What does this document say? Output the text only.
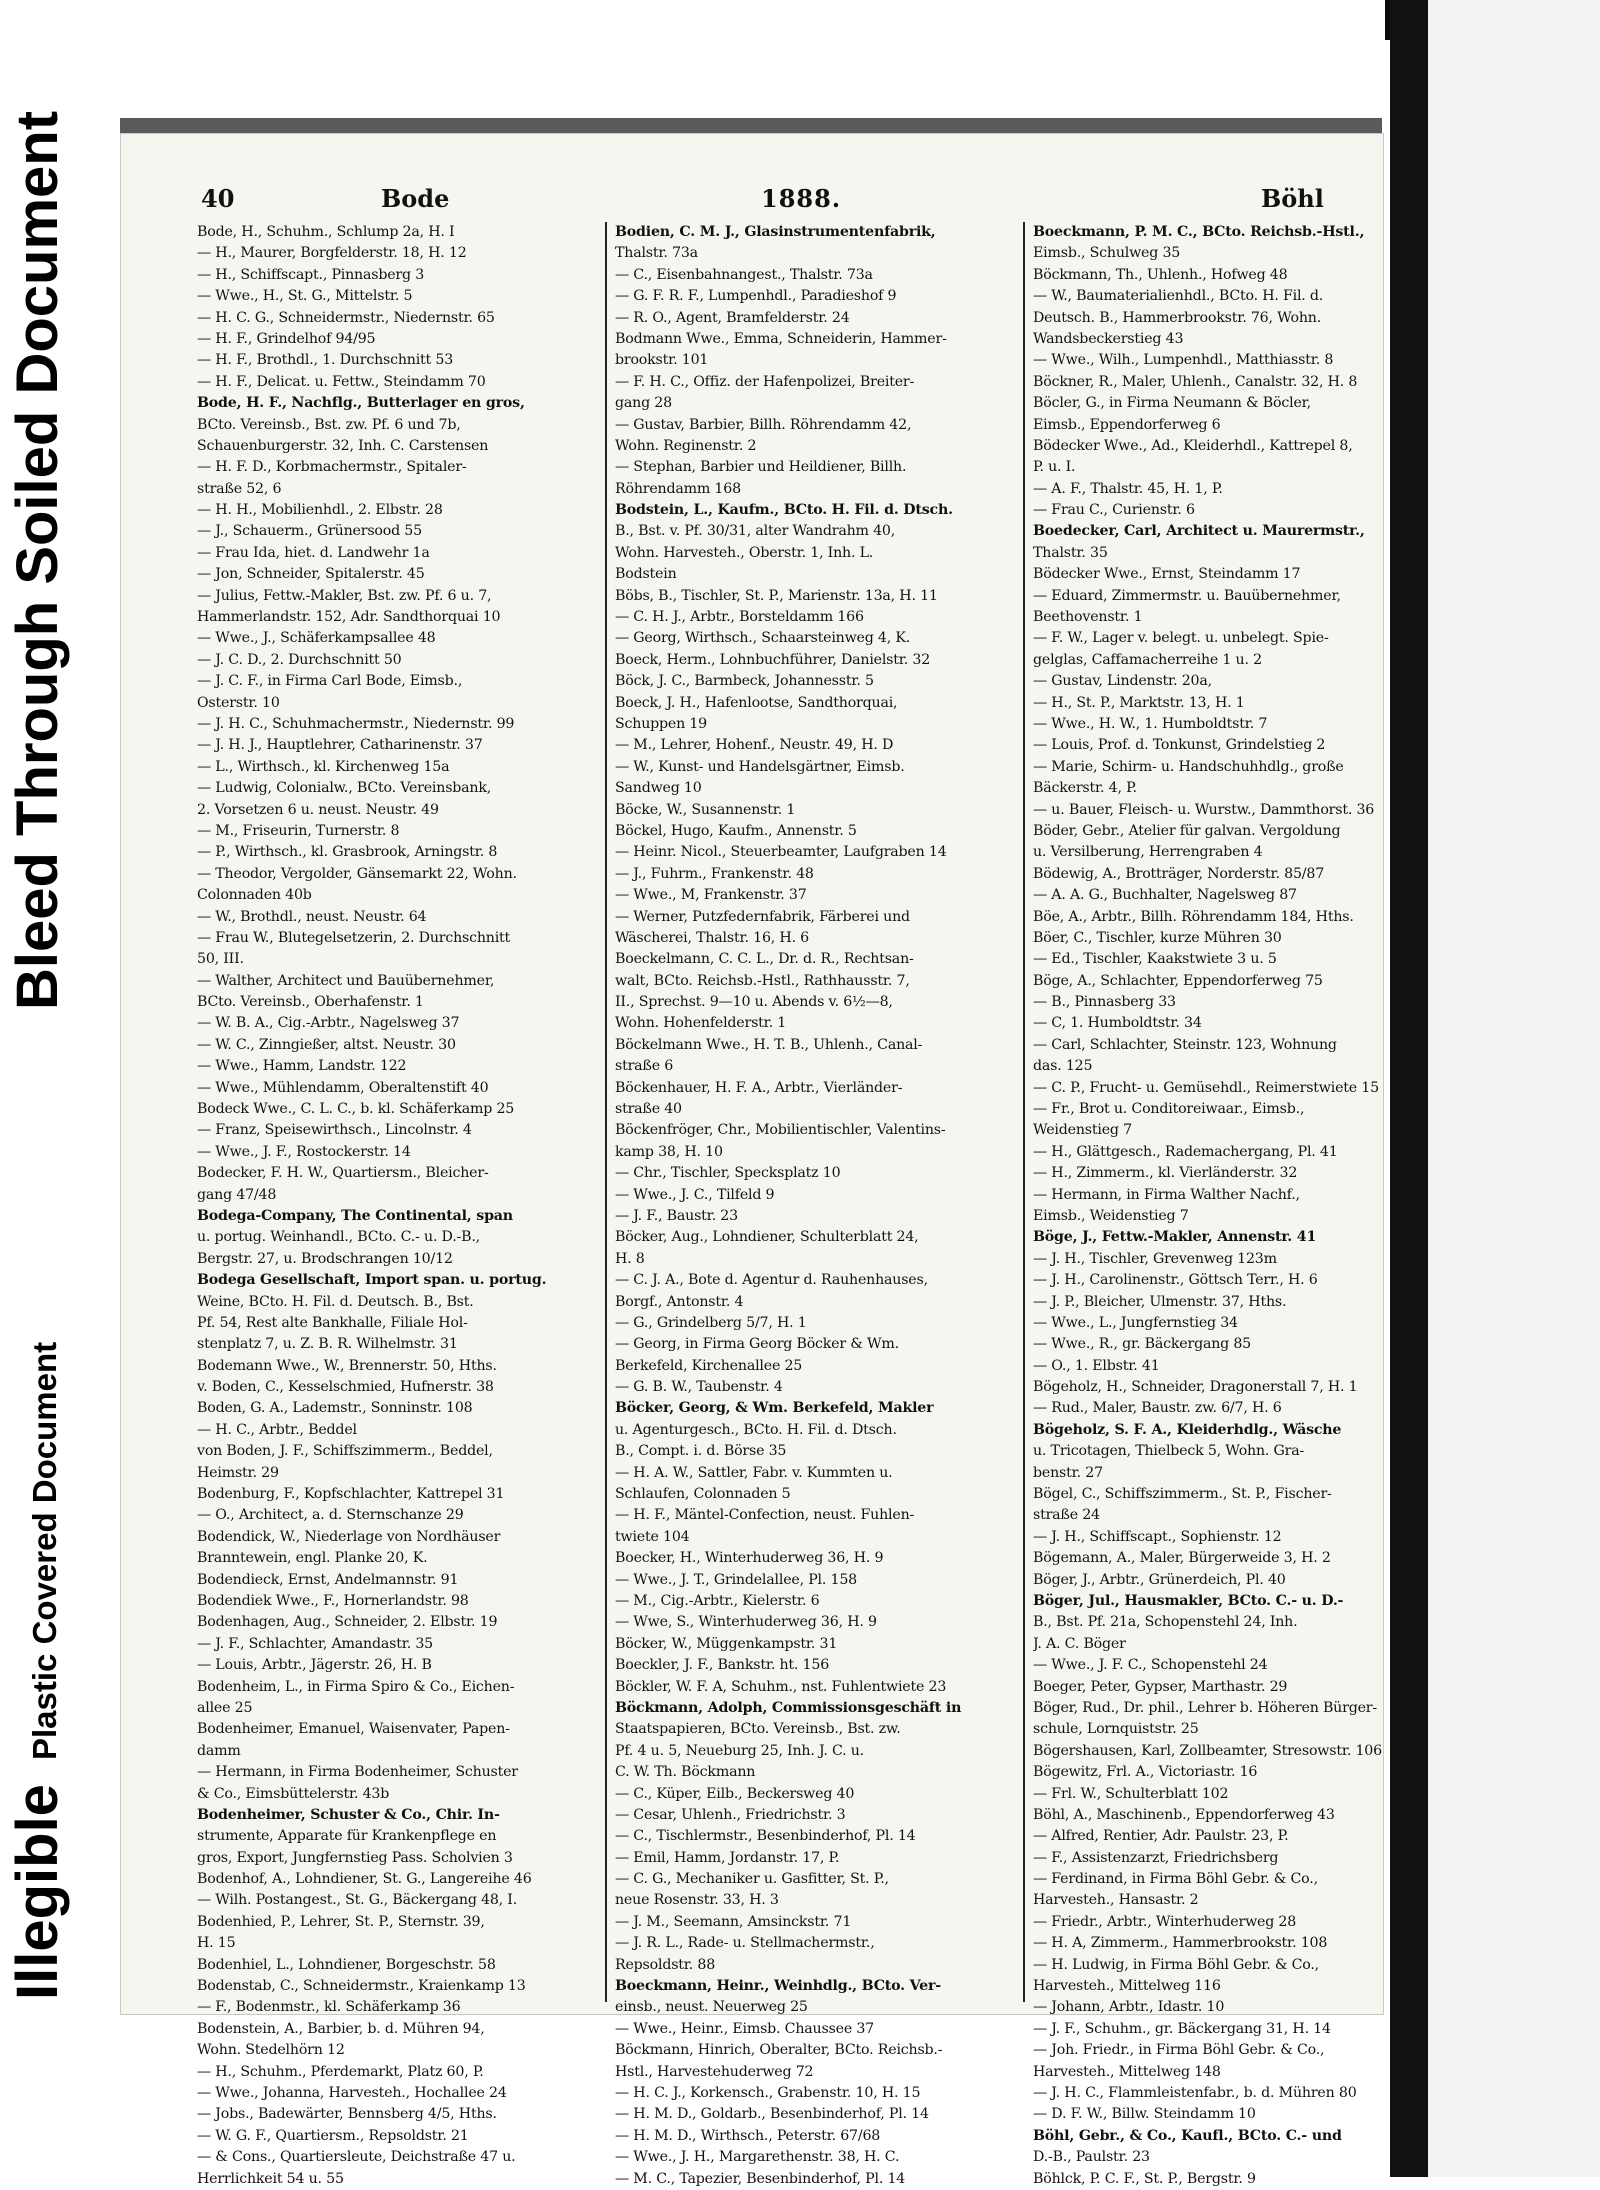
Bleed Through Soiled Document
Plastic Covered Document
Illegible
40	Bode	1888.	Böhl
Bode, H., Schuhm., Schlump 2a, H. I
— H., Maurer, Borgfelderstr. 18, H. 12
— H., Schiffscapt., Pinnasberg 3
— Wwe., H., St. G., Mittelstr. 5
— H. C. G., Schneidermstr., Niedernstr. 65
— H. F., Grindelhof 94/95
— H. F., Brothdl., 1. Durchschnitt 53
— H. F., Delicat. u. Fettw., Steindamm 70
Bode, H. F., Nachflg., Butterlager en gros,
BCto. Vereinsb., Bst. zw. Pf. 6 und 7b,
Schauenburgerstr. 32, Inh. C. Carstensen
— H. F. D., Korbmachermstr., Spitaler-
straße 52, 6
— H. H., Mobilienhdl., 2. Elbstr. 28
— J., Schauerm., Grünersood 55
— Frau Ida, hiet. d. Landwehr 1a
— Jon, Schneider, Spitalerstr. 45
— Julius, Fettw.-Makler, Bst. zw. Pf. 6 u. 7,
Hammerlandstr. 152, Adr. Sandthorquai 10
— Wwe., J., Schäferkampsallee 48
— J. C. D., 2. Durchschnitt 50
— J. C. F., in Firma Carl Bode, Eimsb.,
Osterstr. 10
— J. H. C., Schuhmachermstr., Niedernstr. 99
— J. H. J., Hauptlehrer, Catharinenstr. 37
— L., Wirthsch., kl. Kirchenweg 15a
— Ludwig, Colonialw., BCto. Vereinsbank,
2. Vorsetzen 6 u. neust. Neustr. 49
— M., Friseurin, Turnerstr. 8
— P., Wirthsch., kl. Grasbrook, Arningstr. 8
— Theodor, Vergolder, Gänsemarkt 22, Wohn.
Colonnaden 40b
— W., Brothdl., neust. Neustr. 64
— Frau W., Blutegelsetzerin, 2. Durchschnitt
50, III.
— Walther, Architect und Bauübernehmer,
BCto. Vereinsb., Oberhafenstr. 1
— W. B. A., Cig.-Arbtr., Nagelsweg 37
— W. C., Zinngießer, altst. Neustr. 30
— Wwe., Hamm, Landstr. 122
— Wwe., Mühlendamm, Oberaltenstift 40
Bodeck Wwe., C. L. C., b. kl. Schäferkamp 25
— Franz, Speisewirthsch., Lincolnstr. 4
— Wwe., J. F., Rostockerstr. 14
Bodecker, F. H. W., Quartiersm., Bleicher-
gang 47/48
Bodega-Company, The Continental, span
u. portug. Weinhandl., BCto. C.- u. D.-B.,
Bergstr. 27, u. Brodschrangen 10/12
Bodega Gesellschaft, Import span. u. portug.
Weine, BCto. H. Fil. d. Deutsch. B., Bst.
Pf. 54, Rest alte Bankhalle, Filiale Hol-
stenplatz 7, u. Z. B. R. Wilhelmstr. 31
Bodemann Wwe., W., Brennerstr. 50, Hths.
v. Boden, C., Kesselschmied, Hufnerstr. 38
Boden, G. A., Lademstr., Sonninstr. 108
— H. C., Arbtr., Beddel
von Boden, J. F., Schiffszimmerm., Beddel,
Heimstr. 29
Bodenburg, F., Kopfschlachter, Kattrepel 31
— O., Architect, a. d. Sternschanze 29
Bodendick, W., Niederlage von Nordhäuser
Branntewein, engl. Planke 20, K.
Bodendieck, Ernst, Andelmannstr. 91
Bodendiek Wwe., F., Hornerlandstr. 98
Bodenhagen, Aug., Schneider, 2. Elbstr. 19
— J. F., Schlachter, Amandastr. 35
— Louis, Arbtr., Jägerstr. 26, H. B
Bodenheim, L., in Firma Spiro & Co., Eichen-
allee 25
Bodenheimer, Emanuel, Waisenvater, Papen-
damm
— Hermann, in Firma Bodenheimer, Schuster
& Co., Eimsbüttelerstr. 43b
Bodenheimer, Schuster & Co., Chir. In-
strumente, Apparate für Krankenpflege en
gros, Export, Jungfernstieg Pass. Scholvien 3
Bodenhof, A., Lohndiener, St. G., Langereihe 46
— Wilh. Postangest., St. G., Bäckergang 48, I.
Bodenhied, P., Lehrer, St. P., Sternstr. 39,
H. 15
Bodenhiel, L., Lohndiener, Borgeschstr. 58
Bodenstab, C., Schneidermstr., Kraienkamp 13
— F., Bodenmstr., kl. Schäferkamp 36
Bodenstein, A., Barbier, b. d. Mühren 94,
Wohn. Stedelhörn 12
— H., Schuhm., Pferdemarkt, Platz 60, P.
— Wwe., Johanna, Harvesteh., Hochallee 24
— Jobs., Badewärter, Bennsberg 4/5, Hths.
— W. G. F., Quartiersm., Repsoldstr. 21
— & Cons., Quartiersleute, Deichstraße 47 u.
Herrlichkeit 54 u. 55
Bodien, C. M. J., Glasinstrumentenfabrik,
Thalstr. 73a
— C., Eisenbahnangest., Thalstr. 73a
— G. F. R. F., Lumpenhdl., Paradieshof 9
— R. O., Agent, Bramfelderstr. 24
Bodmann Wwe., Emma, Schneiderin, Hammer-
brookstr. 101
— F. H. C., Offiz. der Hafenpolizei, Breiter-
gang 28
— Gustav, Barbier, Billh. Röhrendamm 42,
Wohn. Reginenstr. 2
— Stephan, Barbier und Heildiener, Billh.
Röhrendamm 168
Bodstein, L., Kaufm., BCto. H. Fil. d. Dtsch.
B., Bst. v. Pf. 30/31, alter Wandrahm 40,
Wohn. Harvesteh., Oberstr. 1, Inh. L.
Bodstein
Böbs, B., Tischler, St. P., Marienstr. 13a, H. 11
— C. H. J., Arbtr., Borsteldamm 166
— Georg, Wirthsch., Schaarsteinweg 4, K.
Boeck, Herm., Lohnbuchführer, Danielstr. 32
Böck, J. C., Barmbeck, Johannesstr. 5
Boeck, J. H., Hafenlootse, Sandthorquai,
Schuppen 19
— M., Lehrer, Hohenf., Neustr. 49, H. D
— W., Kunst- und Handelsgärtner, Eimsb.
Sandweg 10
Böcke, W., Susannenstr. 1
Böckel, Hugo, Kaufm., Annenstr. 5
— Heinr. Nicol., Steuerbeamter, Laufgraben 14
— J., Fuhrm., Frankenstr. 48
— Wwe., M, Frankenstr. 37
— Werner, Putzfedernfabrik, Färberei und
Wäscherei, Thalstr. 16, H. 6
Boeckelmann, C. C. L., Dr. d. R., Rechtsan-
walt, BCto. Reichsb.-Hstl., Rathhausstr. 7,
II., Sprechst. 9—10 u. Abends v. 6½—8,
Wohn. Hohenfelderstr. 1
Böckelmann Wwe., H. T. B., Uhlenh., Canal-
straße 6
Böckenhauer, H. F. A., Arbtr., Vierländer-
straße 40
Böckenfröger, Chr., Mobilientischler, Valentins-
kamp 38, H. 10
— Chr., Tischler, Specksplatz 10
— Wwe., J. C., Tilfeld 9
— J. F., Baustr. 23
Böcker, Aug., Lohndiener, Schulterblatt 24,
H. 8
— C. J. A., Bote d. Agentur d. Rauhenhauses,
Borgf., Antonstr. 4
— G., Grindelberg 5/7, H. 1
— Georg, in Firma Georg Böcker & Wm.
Berkefeld, Kirchenallee 25
— G. B. W., Taubenstr. 4
Böcker, Georg, & Wm. Berkefeld, Makler
u. Agenturgesch., BCto. H. Fil. d. Dtsch.
B., Compt. i. d. Börse 35
— H. A. W., Sattler, Fabr. v. Kummten u.
Schlaufen, Colonnaden 5
— H. F., Mäntel-Confection, neust. Fuhlen-
twiete 104
Boecker, H., Winterhuderweg 36, H. 9
— Wwe., J. T., Grindelallee, Pl. 158
— M., Cig.-Arbtr., Kielerstr. 6
— Wwe, S., Winterhuderweg 36, H. 9
Böcker, W., Müggenkampstr. 31
Boeckler, J. F., Bankstr. ht. 156
Böckler, W. F. A, Schuhm., nst. Fuhlentwiete 23
Böckmann, Adolph, Commissionsgeschäft in
Staatspapieren, BCto. Vereinsb., Bst. zw.
Pf. 4 u. 5, Neueburg 25, Inh. J. C. u.
C. W. Th. Böckmann
— C., Küper, Eilb., Beckersweg 40
— Cesar, Uhlenh., Friedrichstr. 3
— C., Tischlermstr., Besenbinderhof, Pl. 14
— Emil, Hamm, Jordanstr. 17, P.
— C. G., Mechaniker u. Gasfitter, St. P.,
neue Rosenstr. 33, H. 3
— J. M., Seemann, Amsinckstr. 71
— J. R. L., Rade- u. Stellmachermstr.,
Repsoldstr. 88
Boeckmann, Heinr., Weinhdlg., BCto. Ver-
einsb., neust. Neuerweg 25
— Wwe., Heinr., Eimsb. Chaussee 37
Böckmann, Hinrich, Oberalter, BCto. Reichsb.-
Hstl., Harvestehuderweg 72
— H. C. J., Korkensch., Grabenstr. 10, H. 15
— H. M. D., Goldarb., Besenbinderhof, Pl. 14
— H. M. D., Wirthsch., Peterstr. 67/68
— Wwe., J. H., Margarethenstr. 38, H. C.
— M. C., Tapezier, Besenbinderhof, Pl. 14
Boeckmann, P. M. C., BCto. Reichsb.-Hstl.,
Eimsb., Schulweg 35
Böckmann, Th., Uhlenh., Hofweg 48
— W., Baumaterialienhdl., BCto. H. Fil. d.
Deutsch. B., Hammerbrookstr. 76, Wohn.
Wandsbeckerstieg 43
— Wwe., Wilh., Lumpenhdl., Matthiasstr. 8
Böckner, R., Maler, Uhlenh., Canalstr. 32, H. 8
Böcler, G., in Firma Neumann & Böcler,
Eimsb., Eppendorferweg 6
Bödecker Wwe., Ad., Kleiderhdl., Kattrepel 8,
P. u. I.
— A. F., Thalstr. 45, H. 1, P.
— Frau C., Curienstr. 6
Boedecker, Carl, Architect u. Maurermstr.,
Thalstr. 35
Bödecker Wwe., Ernst, Steindamm 17
— Eduard, Zimmermstr. u. Bauübernehmer,
Beethovenstr. 1
— F. W., Lager v. belegt. u. unbelegt. Spie-
gelglas, Caffamacherreihe 1 u. 2
— Gustav, Lindenstr. 20a,
— H., St. P., Marktstr. 13, H. 1
— Wwe., H. W., 1. Humboldtstr. 7
— Louis, Prof. d. Tonkunst, Grindelstieg 2
— Marie, Schirm- u. Handschuhhdlg., große
Bäckerstr. 4, P.
— u. Bauer, Fleisch- u. Wurstw., Dammthorst. 36
Böder, Gebr., Atelier für galvan. Vergoldung
u. Versilberung, Herrengraben 4
Bödewig, A., Brotträger, Norderstr. 85/87
— A. A. G., Buchhalter, Nagelsweg 87
Böe, A., Arbtr., Billh. Röhrendamm 184, Hths.
Böer, C., Tischler, kurze Mühren 30
— Ed., Tischler, Kaakstwiete 3 u. 5
Böge, A., Schlachter, Eppendorferweg 75
— B., Pinnasberg 33
— C, 1. Humboldtstr. 34
— Carl, Schlachter, Steinstr. 123, Wohnung
das. 125
— C. P., Frucht- u. Gemüsehdl., Reimerstwiete 15
— Fr., Brot u. Conditoreiwaar., Eimsb.,
Weidenstieg 7
— H., Glättgesch., Rademachergang, Pl. 41
— H., Zimmerm., kl. Vierländerstr. 32
— Hermann, in Firma Walther Nachf.,
Eimsb., Weidenstieg 7
Böge, J., Fettw.-Makler, Annenstr. 41
— J. H., Tischler, Grevenweg 123m
— J. H., Carolinenstr., Göttsch Terr., H. 6
— J. P., Bleicher, Ulmenstr. 37, Hths.
— Wwe., L., Jungfernstieg 34
— Wwe., R., gr. Bäckergang 85
— O., 1. Elbstr. 41
Bögeholz, H., Schneider, Dragonerstall 7, H. 1
— Rud., Maler, Baustr. zw. 6/7, H. 6
Bögeholz, S. F. A., Kleiderhdlg., Wäsche
u. Tricotagen, Thielbeck 5, Wohn. Gra-
benstr. 27
Bögel, C., Schiffszimmerm., St. P., Fischer-
straße 24
— J. H., Schiffscapt., Sophienstr. 12
Bögemann, A., Maler, Bürgerweide 3, H. 2
Böger, J., Arbtr., Grünerdeich, Pl. 40
Böger, Jul., Hausmakler, BCto. C.- u. D.-
B., Bst. Pf. 21a, Schopenstehl 24, Inh.
J. A. C. Böger
— Wwe., J. F. C., Schopenstehl 24
Boeger, Peter, Gypser, Marthastr. 29
Böger, Rud., Dr. phil., Lehrer b. Höheren Bürger-
schule, Lornquiststr. 25
Bögershausen, Karl, Zollbeamter, Stresowstr. 106
Bögewitz, Frl. A., Victoriastr. 16
— Frl. W., Schulterblatt 102
Böhl, A., Maschinenb., Eppendorferweg 43
— Alfred, Rentier, Adr. Paulstr. 23, P.
— F., Assistenzarzt, Friedrichsberg
— Ferdinand, in Firma Böhl Gebr. & Co.,
Harvesteh., Hansastr. 2
— Friedr., Arbtr., Winterhuderweg 28
— H. A, Zimmerm., Hammerbrookstr. 108
— H. Ludwig, in Firma Böhl Gebr. & Co.,
Harvesteh., Mittelweg 116
— Johann, Arbtr., Idastr. 10
— J. F., Schuhm., gr. Bäckergang 31, H. 14
— Joh. Friedr., in Firma Böhl Gebr. & Co.,
Harvesteh., Mittelweg 148
— J. H. C., Flammleistenfabr., b. d. Mühren 80
— D. F. W., Billw. Steindamm 10
Böhl, Gebr., & Co., Kaufl., BCto. C.- und
D.-B., Paulstr. 23
Böhlck, P. C. F., St. P., Bergstr. 9
